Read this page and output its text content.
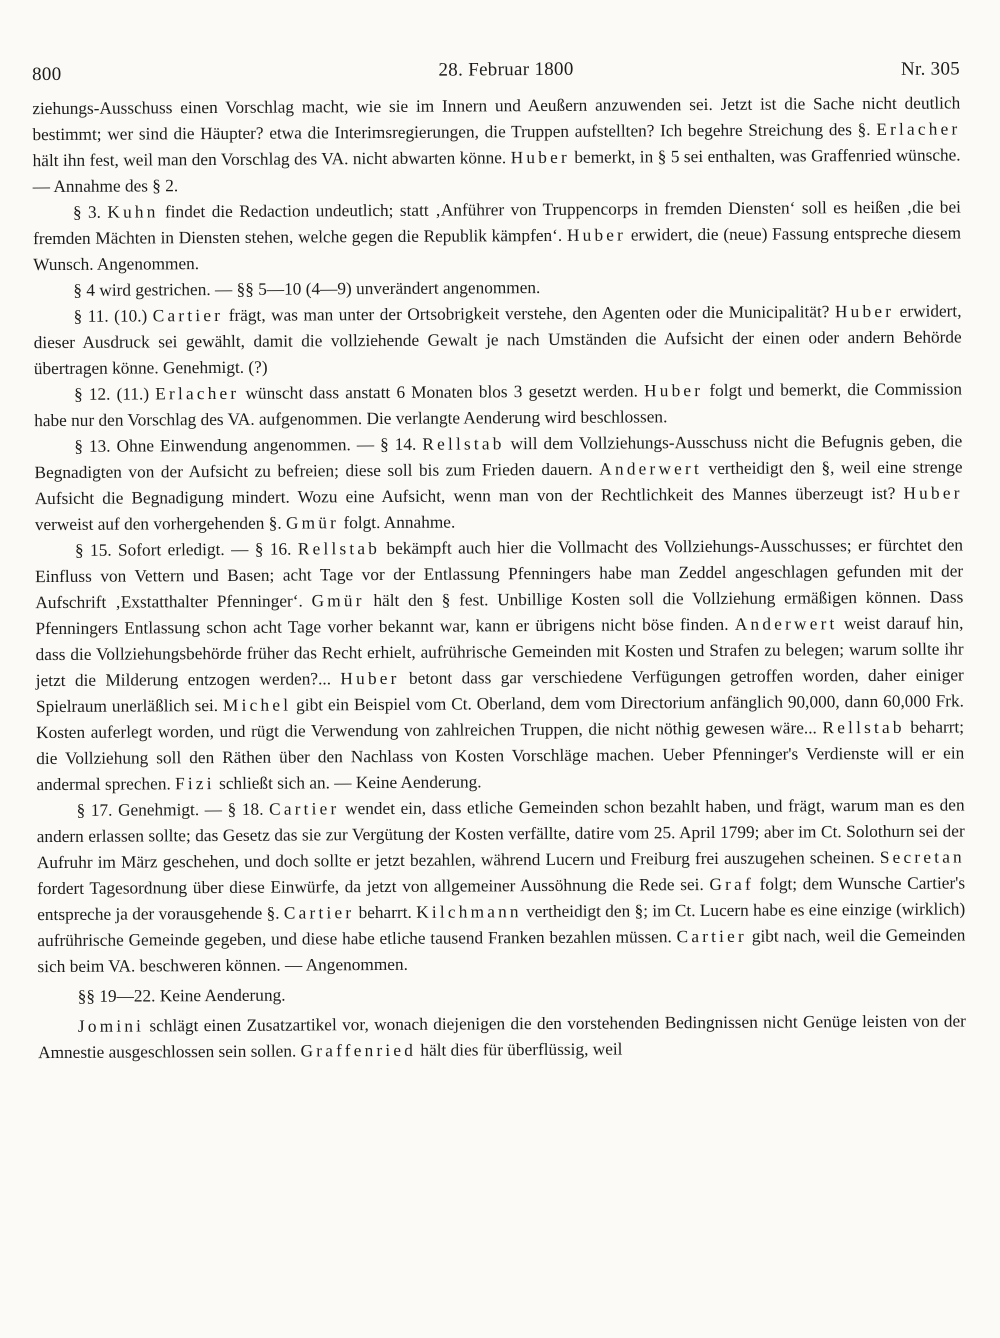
800	28. Februar 1800	Nr. 305

ziehungs-Ausschuss einen Vorschlag macht, wie sie im Innern und Aeußern anzuwenden sei. Jetzt ist die Sache nicht deutlich bestimmt; wer sind die Häupter? etwa die Interimsregierungen, die Truppen aufstellten? Ich begehre Streichung des §. Erlacher hält ihn fest, weil man den Vorschlag des VA. nicht abwarten könne. Huber bemerkt, in § 5 sei enthalten, was Graffenried wünsche. — Annahme des § 2.

§ 3. Kuhn findet die Redaction undeutlich; statt ‚Anführer von Truppencorps in fremden Diensten‘ soll es heißen ‚die bei fremden Mächten in Diensten stehen, welche gegen die Republik kämpfen‘. Huber erwidert, die (neue) Fassung entspreche diesem Wunsch. Angenommen.

§ 4 wird gestrichen. — §§ 5—10 (4—9) unverändert angenommen.

§ 11. (10.) Cartier frägt, was man unter der Ortsobrigkeit verstehe, den Agenten oder die Municipalität? Huber erwidert, dieser Ausdruck sei gewählt, damit die vollziehende Gewalt je nach Umständen die Aufsicht der einen oder andern Behörde übertragen könne. Genehmigt. (?)

§ 12. (11.) Erlacher wünscht dass anstatt 6 Monaten blos 3 gesetzt werden. Huber folgt und bemerkt, die Commission habe nur den Vorschlag des VA. aufgenommen. Die verlangte Aenderung wird beschlossen.

§ 13. Ohne Einwendung angenommen. — § 14. Rellstab will dem Vollziehungs-Ausschuss nicht die Befugnis geben, die Begnadigten von der Aufsicht zu befreien; diese soll bis zum Frieden dauern. Anderwert vertheidigt den §, weil eine strenge Aufsicht die Begnadigung mindert. Wozu eine Aufsicht, wenn man von der Rechtlichkeit des Mannes überzeugt ist? Huber verweist auf den vorhergehenden §. Gmür folgt. Annahme.

§ 15. Sofort erledigt. — § 16. Rellstab bekämpft auch hier die Vollmacht des Vollziehungs-Ausschusses; er fürchtet den Einfluss von Vettern und Basen; acht Tage vor der Entlassung Pfenningers habe man Zeddel angeschlagen gefunden mit der Aufschrift ‚Exstatthalter Pfenninger‘. Gmür hält den § fest. Unbillige Kosten soll die Vollziehung ermäßigen können. Dass Pfenningers Entlassung schon acht Tage vorher bekannt war, kann er übrigens nicht böse finden. Anderwert weist darauf hin, dass die Vollziehungsbehörde früher das Recht erhielt, aufrührische Gemeinden mit Kosten und Strafen zu belegen; warum sollte ihr jetzt die Milderung entzogen werden?... Huber betont dass gar verschiedene Verfügungen getroffen worden, daher einiger Spielraum unerläßlich sei. Michel gibt ein Beispiel vom Ct. Oberland, dem vom Directorium anfänglich 90,000, dann 60,000 Frk. Kosten auferlegt worden, und rügt die Verwendung von zahlreichen Truppen, die nicht nöthig gewesen wäre... Rellstab beharrt; die Vollziehung soll den Räthen über den Nachlass von Kosten Vorschläge machen. Ueber Pfenninger's Verdienste will er ein andermal sprechen. Fizi schließt sich an. — Keine Aenderung.

§ 17. Genehmigt. — § 18. Cartier wendet ein, dass etliche Gemeinden schon bezahlt haben, und frägt, warum man es den andern erlassen sollte; das Gesetz das sie zur Vergütung der Kosten verfällte, datire vom 25. April 1799; aber im Ct. Solothurn sei der Aufruhr im März geschehen, und doch sollte er jetzt bezahlen, während Lucern und Freiburg frei auszugehen scheinen. Secretan fordert Tagesordnung über diese Einwürfe, da jetzt von allgemeiner Aussöhnung die Rede sei. Graf folgt; dem Wunsche Cartier's entspreche ja der vorausgehende §. Cartier beharrt. Kilchmann vertheidigt den §; im Ct. Lucern habe es eine einzige (wirklich) aufrührische Gemeinde gegeben, und diese habe etliche tausend Franken bezahlen müssen. Cartier gibt nach, weil die Gemeinden sich beim VA. beschweren können. — Angenommen.

§§ 19—22. Keine Aenderung.

Jomini schlägt einen Zusatzartikel vor, wonach diejenigen die den vorstehenden Bedingnissen nicht Genüge leisten von der Amnestie ausgeschlossen sein sollen. Graffenried hält dies für überflüssig, weil
